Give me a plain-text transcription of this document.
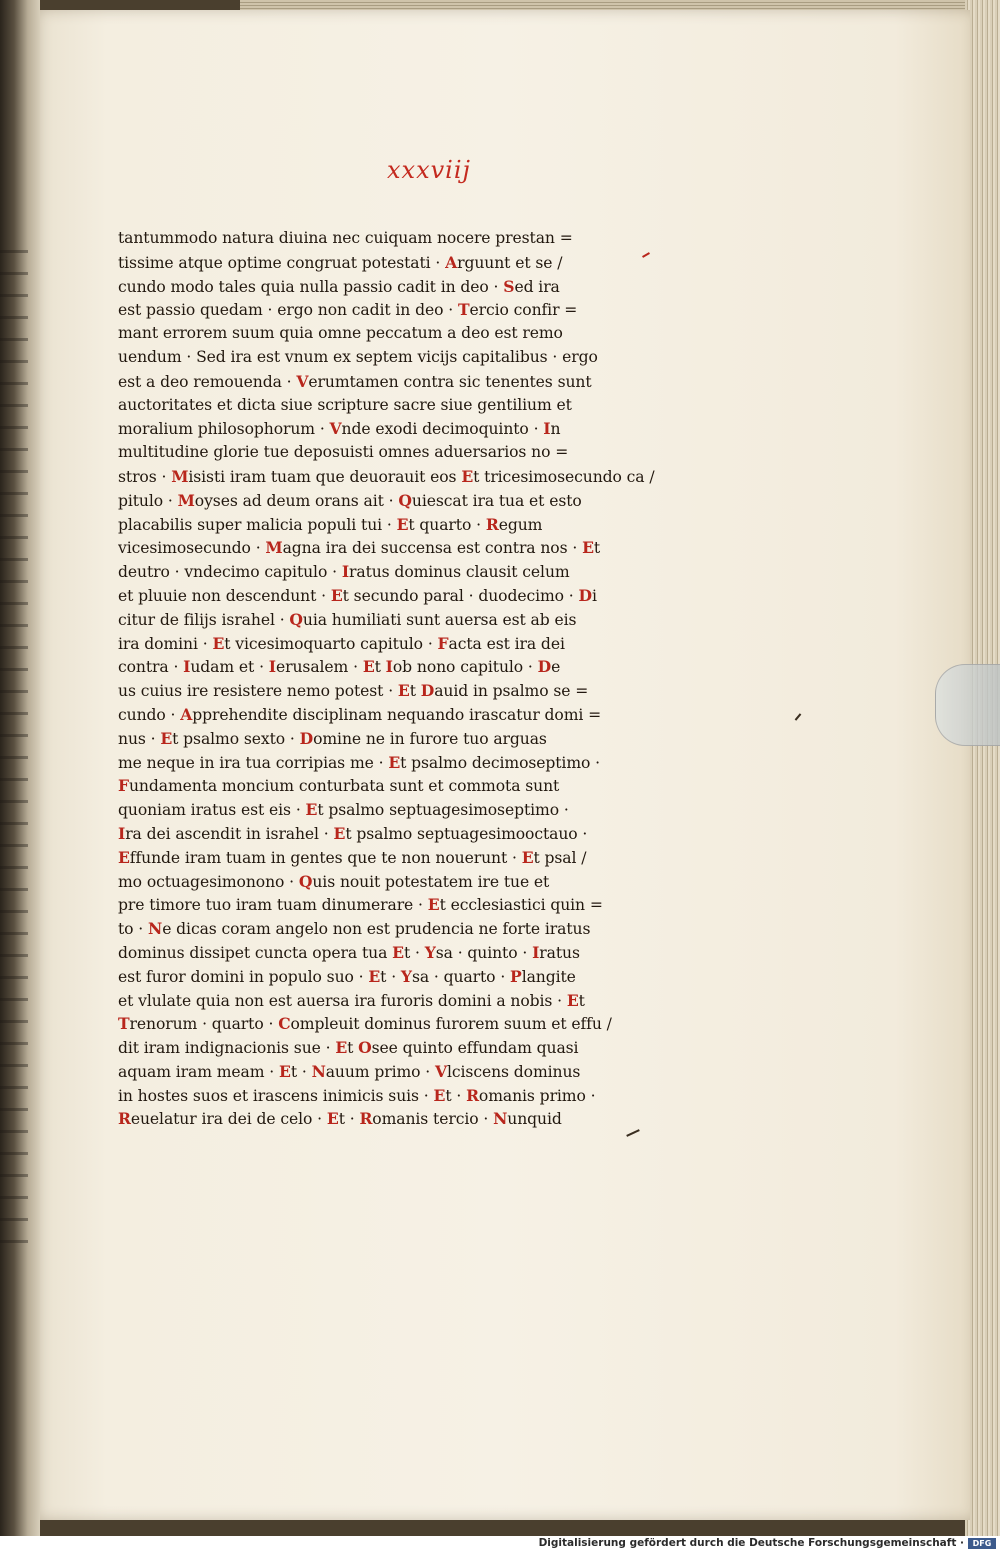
xxxviij
tantummodo natura diuina nec cuiquam nocere prestan =
tissime atque optime congruat potestati · Arguunt et se /
cundo modo tales quia nulla passio cadit in deo · Sed ira
est passio quedam · ergo non cadit in deo · Tercio confir =
mant errorem suum quia omne peccatum a deo est remo
uendum · Sed ira est vnum ex septem vicijs capitalibus · ergo
est a deo remouenda · Verumtamen contra sic tenentes sunt
auctoritates et dicta siue scripture sacre siue gentilium et
moralium philosophorum · Vnde exodi decimoquinto · In
multitudine glorie tue deposuisti omnes aduersarios no =
stros · Misisti iram tuam que deuorauit eos Et tricesimosecundo ca /
pitulo · Moyses ad deum orans ait · Quiescat ira tua et esto
placabilis super malicia populi tui · Et quarto · Regum
vicesimosecundo · Magna ira dei succensa est contra nos · Et
deutro · vndecimo capitulo · Iratus dominus clausit celum
et pluuie non descendunt · Et secundo paral · duodecimo · Di
citur de filijs israhel · Quia humiliati sunt auersa est ab eis
ira domini · Et vicesimoquarto capitulo · Facta est ira dei
contra · Iudam et · Ierusalem · Et Iob nono capitulo · De
us cuius ire resistere nemo potest · Et Dauid in psalmo se =
cundo · Apprehendite disciplinam nequando irascatur domi =
nus · Et psalmo sexto · Domine ne in furore tuo arguas
me neque in ira tua corripias me · Et psalmo decimoseptimo ·
Fundamenta moncium conturbata sunt et commota sunt
quoniam iratus est eis · Et psalmo septuagesimoseptimo ·
Ira dei ascendit in israhel · Et psalmo septuagesimooctauo ·
Effunde iram tuam in gentes que te non nouerunt · Et psal /
mo octuagesimonono · Quis nouit potestatem ire tue et
pre timore tuo iram tuam dinumerare · Et ecclesiastici quin =
to · Ne dicas coram angelo non est prudencia ne forte iratus
dominus dissipet cuncta opera tua Et · Ysa · quinto · Iratus
est furor domini in populo suo · Et · Ysa · quarto · Plangite
et vlulate quia non est auersa ira furoris domini a nobis · Et
Trenorum · quarto · Compleuit dominus furorem suum et effu /
dit iram indignacionis sue · Et Osee quinto effundam quasi
aquam iram meam · Et · Nauum primo · Vlciscens dominus
in hostes suos et irascens inimicis suis · Et · Romanis primo ·
Reuelatur ira dei de celo · Et · Romanis tercio · Nunquid
Digitalisierung gefördert durch die Deutsche Forschungsgemeinschaft ·	DFG
